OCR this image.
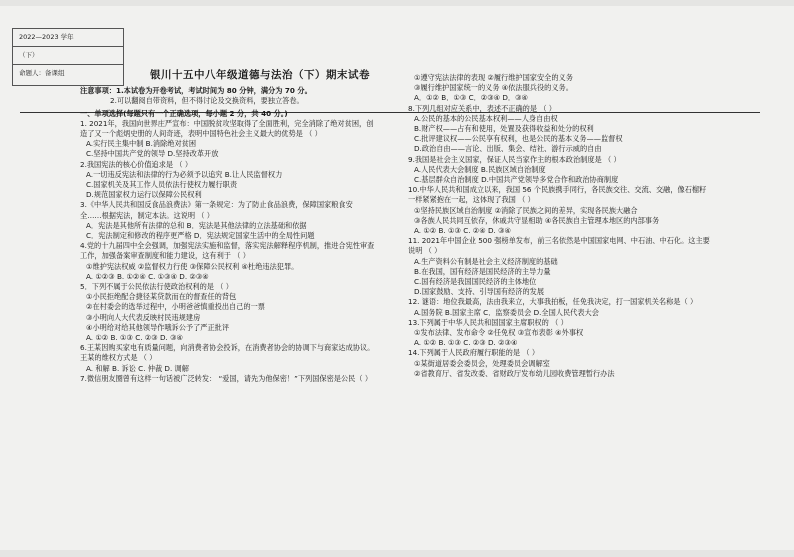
2022—2023 学年
（下）
命题人：备课组	银川十五中八年级道德与法治（下）期末试卷

注意事项：1.本试卷为开卷考试，考试时间为 80 分钟，满分为 70 分。

2.可以翻阅自带资料，但不得讨论及交换资料，要独立答卷。

一、单项选择(每题只有一个正确选项，每小题 2 分，共 40 分。)

1. 2021年，我国向世界庄严宣布：中国脱贫攻坚取得了全面胜利，完全消除了绝对贫困，创

造了又一个彪炳史册的人间奇迹，表明中国特色社会主义最大的优势是 （ ）

A.实行民主集中制 B.消除绝对贫困

C.坚持中国共产党的领导 D.坚持改革开放

2.我国宪法的核心价值追求是 （ ）

A.一切违反宪法和法律的行为必须予以追究 B.让人民监督权力

C.国家机关及其工作人员依法行使权力履行职责

D.规范国家权力运行以保障公民权利

3.《中华人民共和国反食品浪费法》第一条规定：为了防止食品浪费，保障国家粮食安

全……根据宪法，制定本法。这说明 （ ）

A．宪法是其他所有法律的总和 B．宪法是其他法律的立法基础和依据

C．宪法制定和修改的程序更严格 D．宪法规定国家生活中的全局性问题

4.党的十九届四中全会强调，加强宪法实施和监督，落实宪法解释程序机制，推进合宪性审查

工作，加强备案审查制度和能力建设，这有利于 （ ）

①维护宪法权威 ②监督权力行使 ③保障公民权利 ④杜绝违法犯罪。

A. ①②③ B. ①②④ C. ①③④ D. ②③④

5．下列不属于公民依法行使政治权利的是 （ ）

①小民拒绝配合捷径某贷款而在的督查任的背包

②在村委会的选举过程中，小明爸爸慎重投出自己的一票

③小明向人大代表反映村民违规建房

④小明给对给其他领导作哦诉公予了严正批评

A. ①② B. ①③ C. ②③ D. ③④

6.王某因购买家电有质量问题，向消费者协会投诉，在消费者协会的协调下与商家达成协议。

王某的维权方式是 （ ）

A. 和解 B. 诉讼 C. 仲裁 D. 调解

7.微信朋友圈曾有这样一句话被广泛转发： “爱国，请先为他保密！”下列国保密是公民（ ）

①遵守宪法法律的表现 ②履行维护国家安全的义务

③履行维护国家统一的义务 ④依法服兵役的义务。

A．①② B．①③ C．②③④ D．③④

8.下列几组对应关系中，表述不正确的是 （ ）

A.公民的基本的公民基本权利——人身自由权

B.财产权——占有和使用，处置及获得收益和处分的权利

C.批评建议权——公民享有权利，也是公民的基本义务——监督权

D.政治自由——言论、出版、集会、结社、游行示威的自由

9.我国是社会主义国家，保证人民当家作主的根本政治制度是 （ ）

A.人民代表大会制度 B.民族区域自治制度

C.基层群众自治制度 D.中国共产党领导多党合作和政治协商制度

10.中华人民共和国成立以来，我国 56 个民族携手同行，各民族交往、交流、交融，像石榴籽

一样紧紧抱在一起，这体现了我国 （ ）

①坚持民族区域自治制度 ②消除了民族之间的差异，实现各民族大融合

③各族人民共同互依存，休戚共守显相助 ④各民族自主管理本地区的内部事务

A. ①② B. ①③ C. ②④ D. ③④

11. 2021年中国企业 500 强榜单发布，前三名依然是中国国家电网、中石油、中石化。这主要

说明 （ ）

A.生产资料公有制是社会主义经济制度的基础

B.在我国，国有经济是国民经济的主导力量

C.国有经济是我国国民经济的主体地位

D.国家鼓励、支持、引导国有经济的发展

12. 谜语：地位我最高，法由我来立，大事我拍板，任免我决定，打一国家机关名称是（ ）

A.国务院 B.国家主席 C．监察委员会 D.全国人民代表大会

13.下列属于中华人民共和国国家主席职权的 （ ）

①发布法律、发布命令 ②任免权 ③宣布表彰 ④外事权

A. ①② B. ①③ C. ②③ D. ②③④

14.下列属于人民政府履行职能的是 （ ）

①某街道居委会委员会，处理委员会调解室

②省教育厅、省发改委、省财政厅发布幼儿园收费管理暂行办法
